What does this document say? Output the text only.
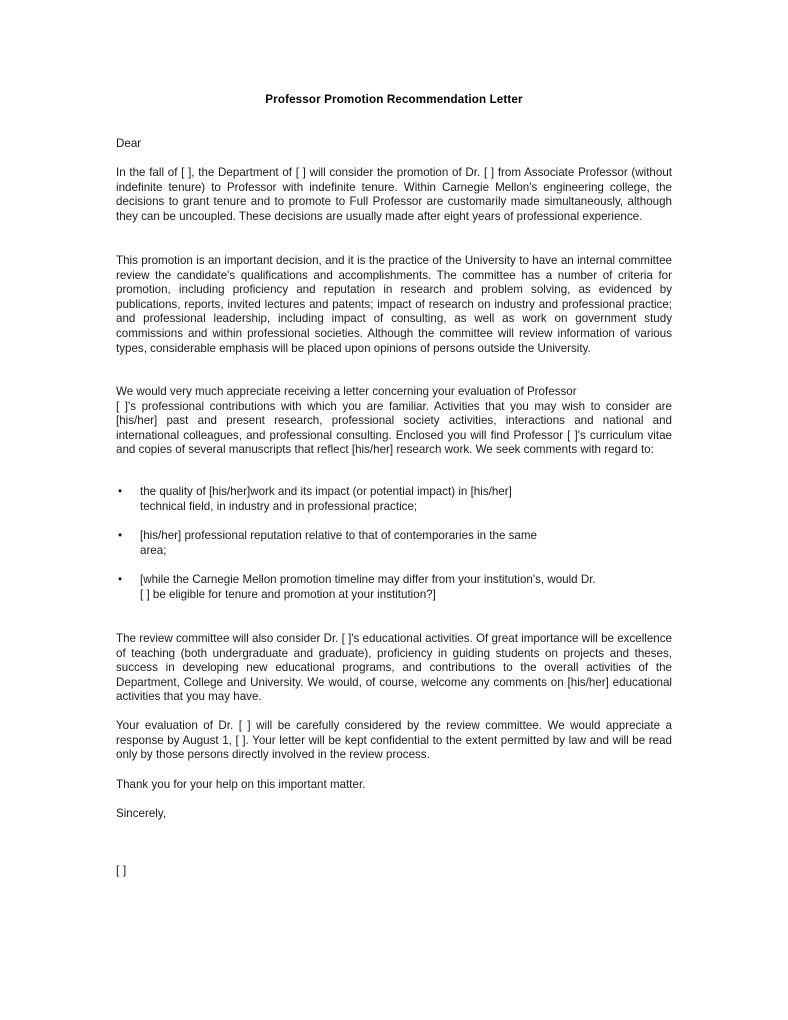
Professor Promotion Recommendation Letter
Dear

In the fall of [ ], the Department of [ ] will consider the promotion of Dr. [ ] from Associate Professor (without indefinite tenure) to Professor with indefinite tenure. Within Carnegie Mellon's engineering college, the decisions to grant tenure and to promote to Full Professor are customarily made simultaneously, although they can be uncoupled. These decisions are usually made after eight years of professional experience.

This promotion is an important decision, and it is the practice of the University to have an internal committee review the candidate's qualifications and accomplishments. The committee has a number of criteria for promotion, including proficiency and reputation in research and problem solving, as evidenced by publications, reports, invited lectures and patents; impact of research on industry and professional practice; and professional leadership, including impact of consulting, as well as work on government study commissions and within professional societies. Although the committee will review information of various types, considerable emphasis will be placed upon opinions of persons outside the University.

We would very much appreciate receiving a letter concerning your evaluation of Professor
[ ]'s professional contributions with which you are familiar. Activities that you may wish to consider are [his/her] past and present research, professional society activities, interactions and national and international colleagues, and professional consulting. Enclosed you will find Professor [ ]'s curriculum vitae and copies of several manuscripts that reflect [his/her] research work. We seek comments with regard to:
• the quality of [his/her]work and its impact (or potential impact) in [his/her]
technical field, in industry and in professional practice;
• [his/her] professional reputation relative to that of contemporaries in the same
area;
• [while the Carnegie Mellon promotion timeline may differ from your institution's, would Dr.
[ ] be eligible for tenure and promotion at your institution?]

The review committee will also consider Dr. [ ]'s educational activities. Of great importance will be excellence of teaching (both undergraduate and graduate), proficiency in guiding students on projects and theses, success in developing new educational programs, and contributions to the overall activities of the Department, College and University. We would, of course, welcome any comments on [his/her] educational activities that you may have.

Your evaluation of Dr. [ ] will be carefully considered by the review committee. We would appreciate a response by August 1, [ ]. Your letter will be kept confidential to the extent permitted by law and will be read only by those persons directly involved in the review process.

Thank you for your help on this important matter.
Sincerely,
[ ]
